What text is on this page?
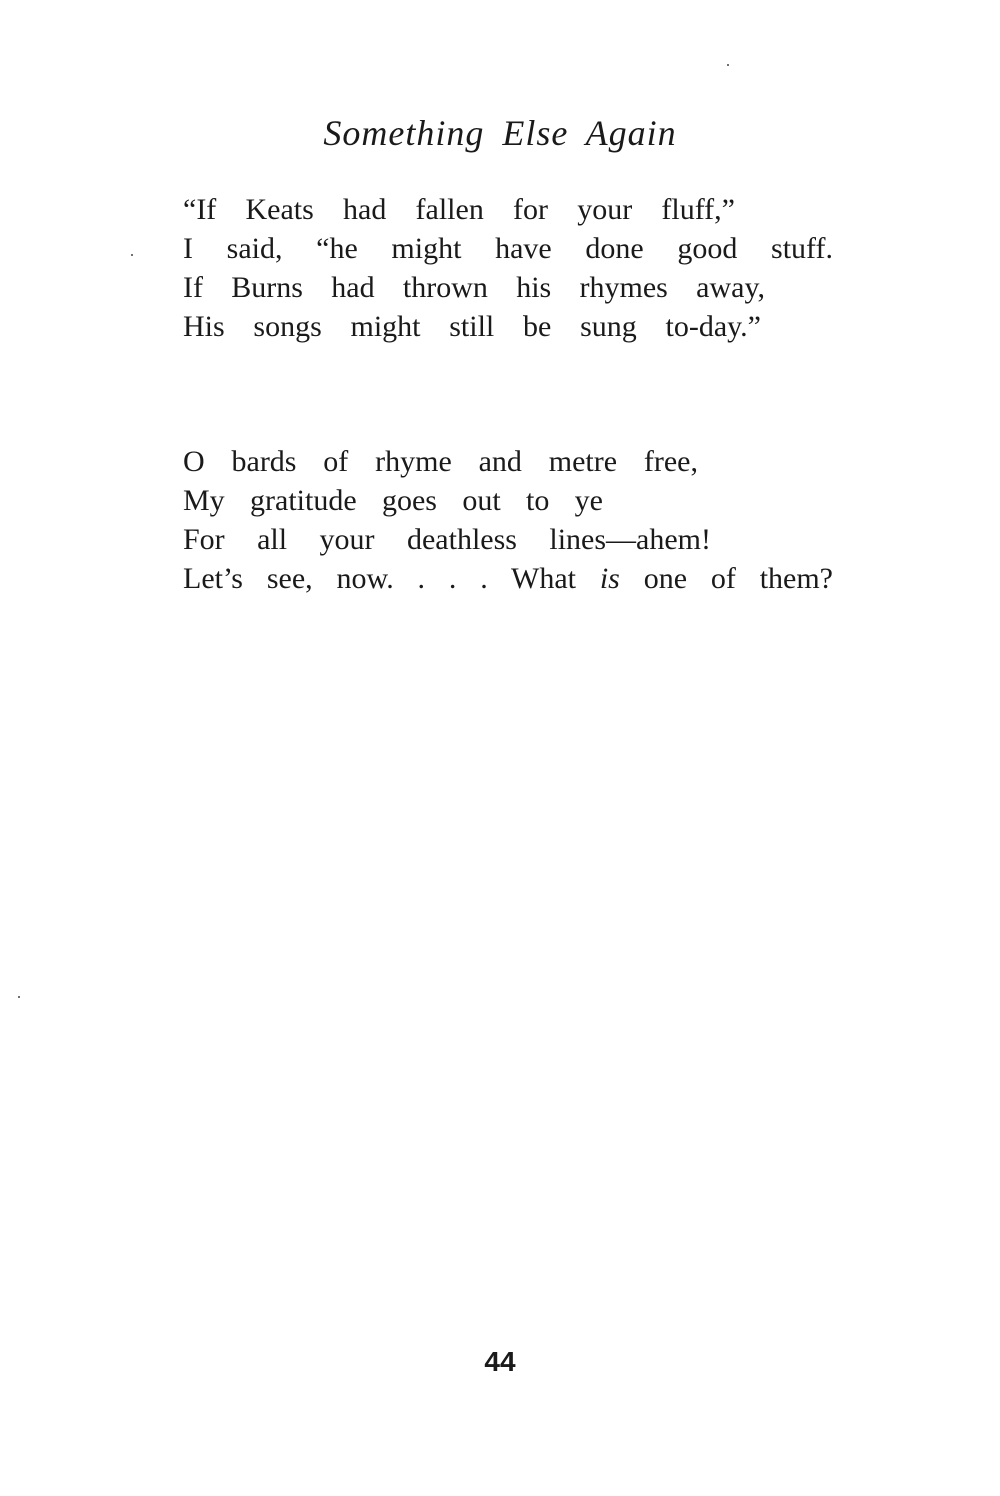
Something Else Again
“If Keats had fallen for your fluff,”
I said, “he might have done good stuff.
If Burns had thrown his rhymes away,
His songs might still be sung to-day.”
O bards of rhyme and metre free,
My gratitude goes out to ye
For all your deathless lines—ahem!
Let’s see, now. . . . What is one of them?
44
